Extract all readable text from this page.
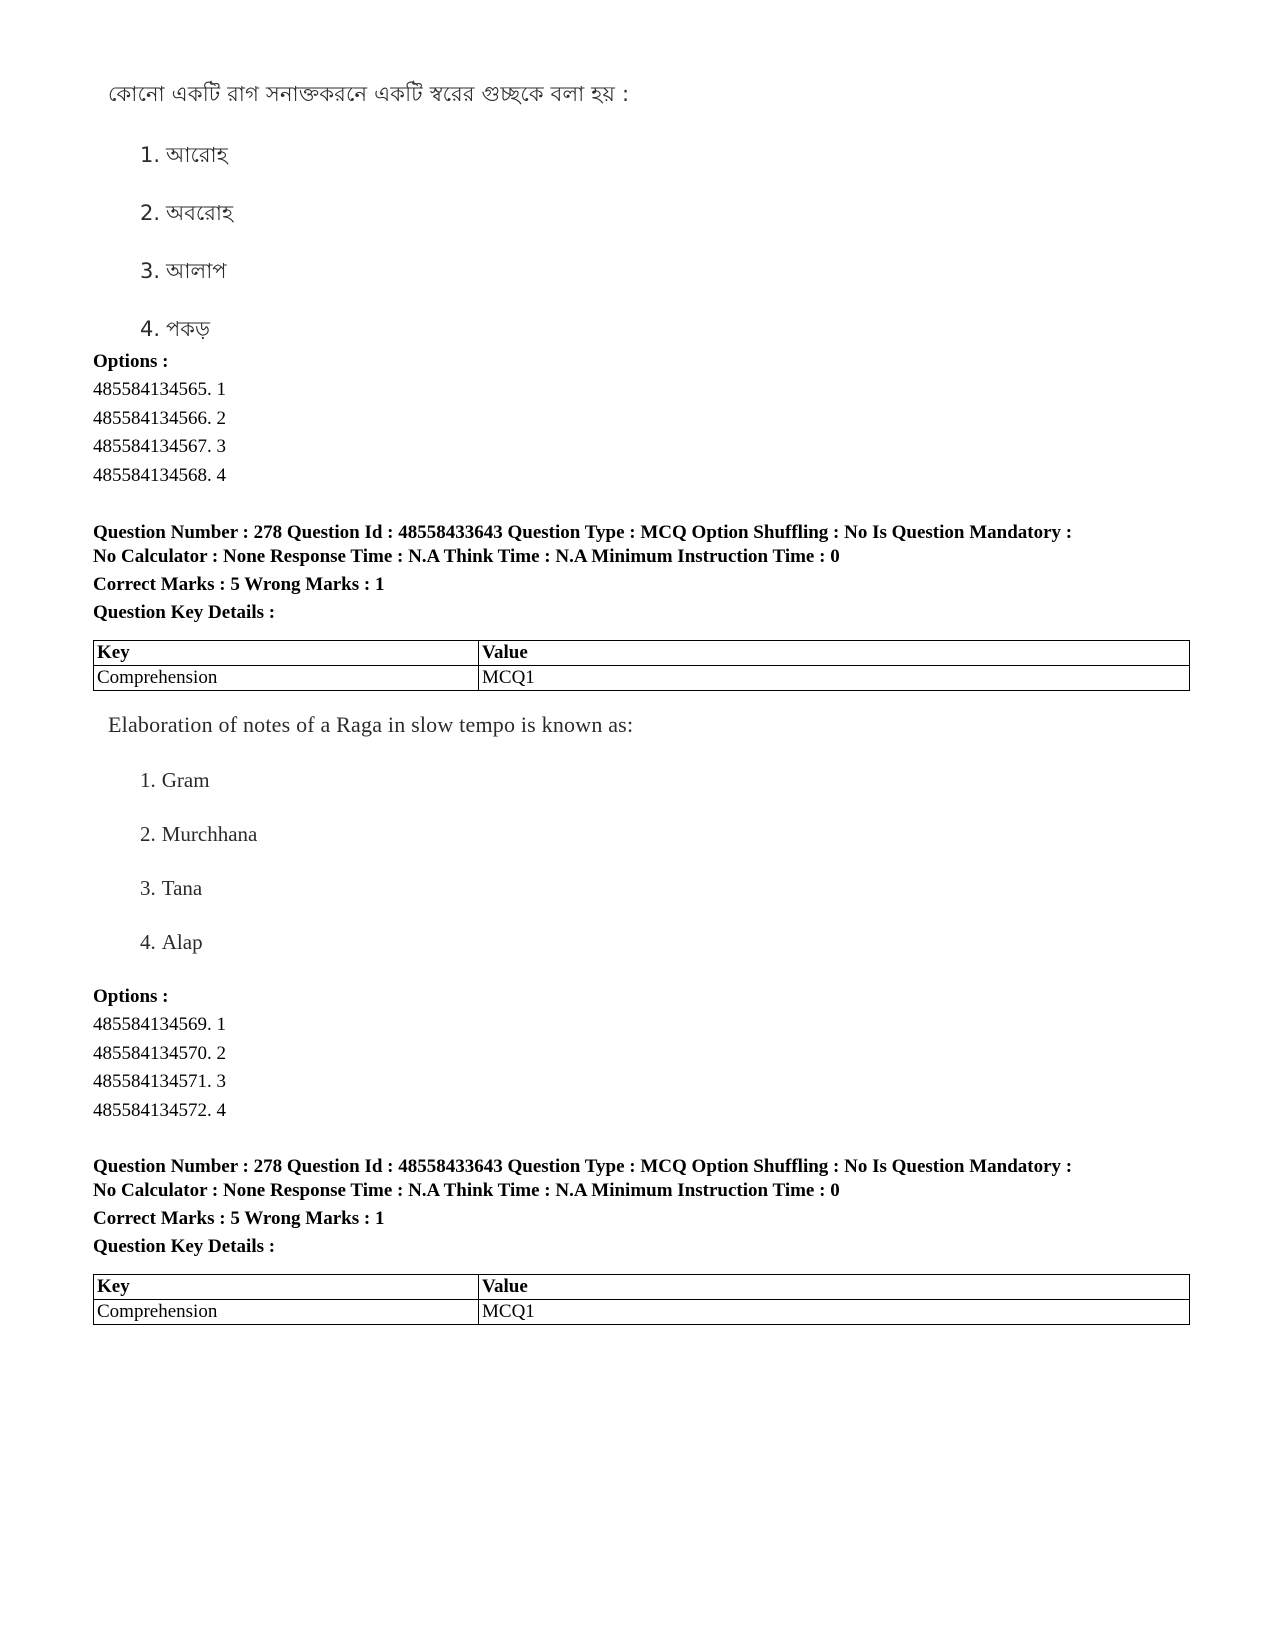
কোনো একটি রাগ সনাক্তকরনে একটি স্বরের গুচ্ছকে বলা হয় :

1. আরোহ
2. অবরোহ
3. আলাপ
4. পকড়
Options :
485584134565. 1
485584134566. 2
485584134567. 3
485584134568. 4
Question Number : 278 Question Id : 48558433643 Question Type : MCQ Option Shuffling : No Is Question Mandatory :
No Calculator : None Response Time : N.A Think Time : N.A Minimum Instruction Time : 0
Correct Marks : 5 Wrong Marks : 1
Question Key Details :
Key	Value
Comprehension	MCQ1

Elaboration of notes of a Raga in slow tempo is known as:

1. Gram
2. Murchhana
3. Tana
4. Alap
Options :
485584134569. 1
485584134570. 2
485584134571. 3
485584134572. 4
Question Number : 278 Question Id : 48558433643 Question Type : MCQ Option Shuffling : No Is Question Mandatory :
No Calculator : None Response Time : N.A Think Time : N.A Minimum Instruction Time : 0
Correct Marks : 5 Wrong Marks : 1
Question Key Details :
Key	Value
Comprehension	MCQ1
